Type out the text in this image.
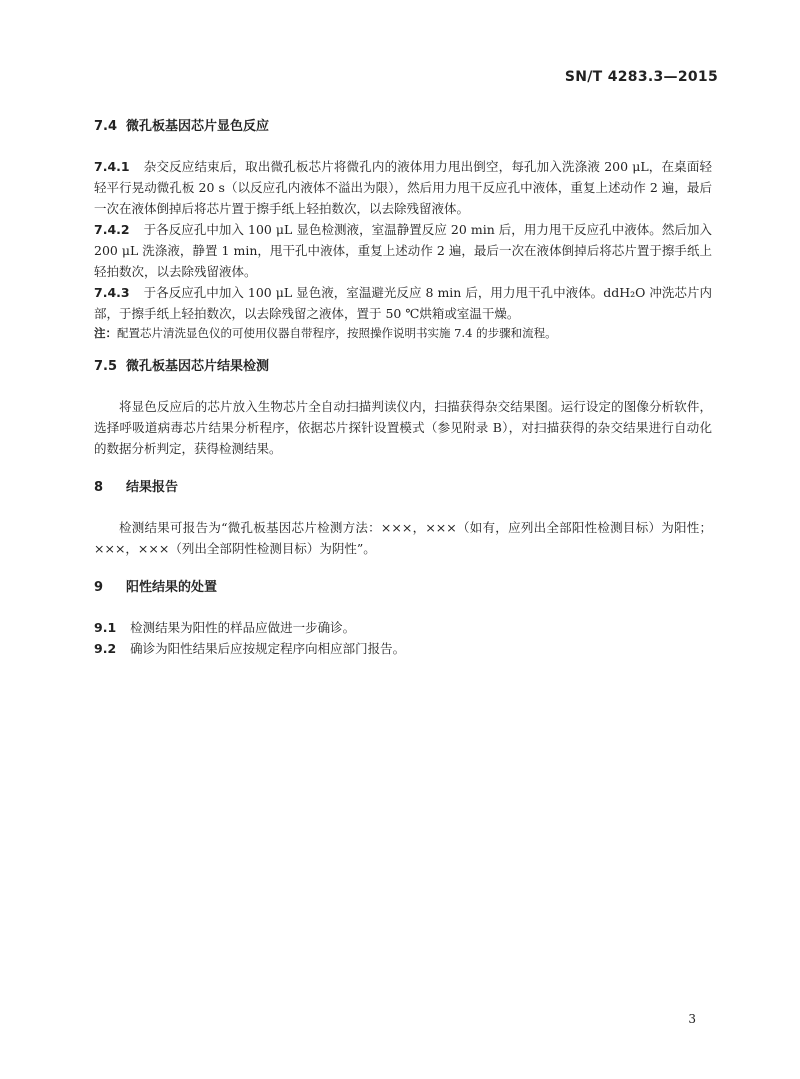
SN/T 4283.3—2015
7.4 微孔板基因芯片显色反应

7.4.1 杂交反应结束后，取出微孔板芯片将微孔内的液体用力甩出倒空，每孔加入洗涤液 200 μL，在桌面轻轻平行晃动微孔板 20 s（以反应孔内液体不溢出为限），然后用力甩干反应孔中液体，重复上述动作 2 遍，最后一次在液体倒掉后将芯片置于擦手纸上轻拍数次，以去除残留液体。

7.4.2 于各反应孔中加入 100 μL 显色检测液，室温静置反应 20 min 后，用力甩干反应孔中液体。然后加入 200 μL 洗涤液，静置 1 min，甩干孔中液体，重复上述动作 2 遍，最后一次在液体倒掉后将芯片置于擦手纸上轻拍数次，以去除残留液体。

7.4.3 于各反应孔中加入 100 μL 显色液，室温避光反应 8 min 后，用力甩干孔中液体。ddH₂O 冲洗芯片内部，于擦手纸上轻拍数次，以去除残留之液体，置于 50 ℃烘箱或室温干燥。

注：配置芯片清洗显色仪的可使用仪器自带程序，按照操作说明书实施 7.4 的步骤和流程。

7.5 微孔板基因芯片结果检测

将显色反应后的芯片放入生物芯片全自动扫描判读仪内，扫描获得杂交结果图。运行设定的图像分析软件，选择呼吸道病毒芯片结果分析程序，依据芯片探针设置模式（参见附录 B），对扫描获得的杂交结果进行自动化的数据分析判定，获得检测结果。

8 结果报告

检测结果可报告为“微孔板基因芯片检测方法：×××，×××（如有，应列出全部阳性检测目标）为阳性；×××，×××（列出全部阴性检测目标）为阴性”。

9 阳性结果的处置

9.1 检测结果为阳性的样品应做进一步确诊。

9.2 确诊为阳性结果后应按规定程序向相应部门报告。

3
